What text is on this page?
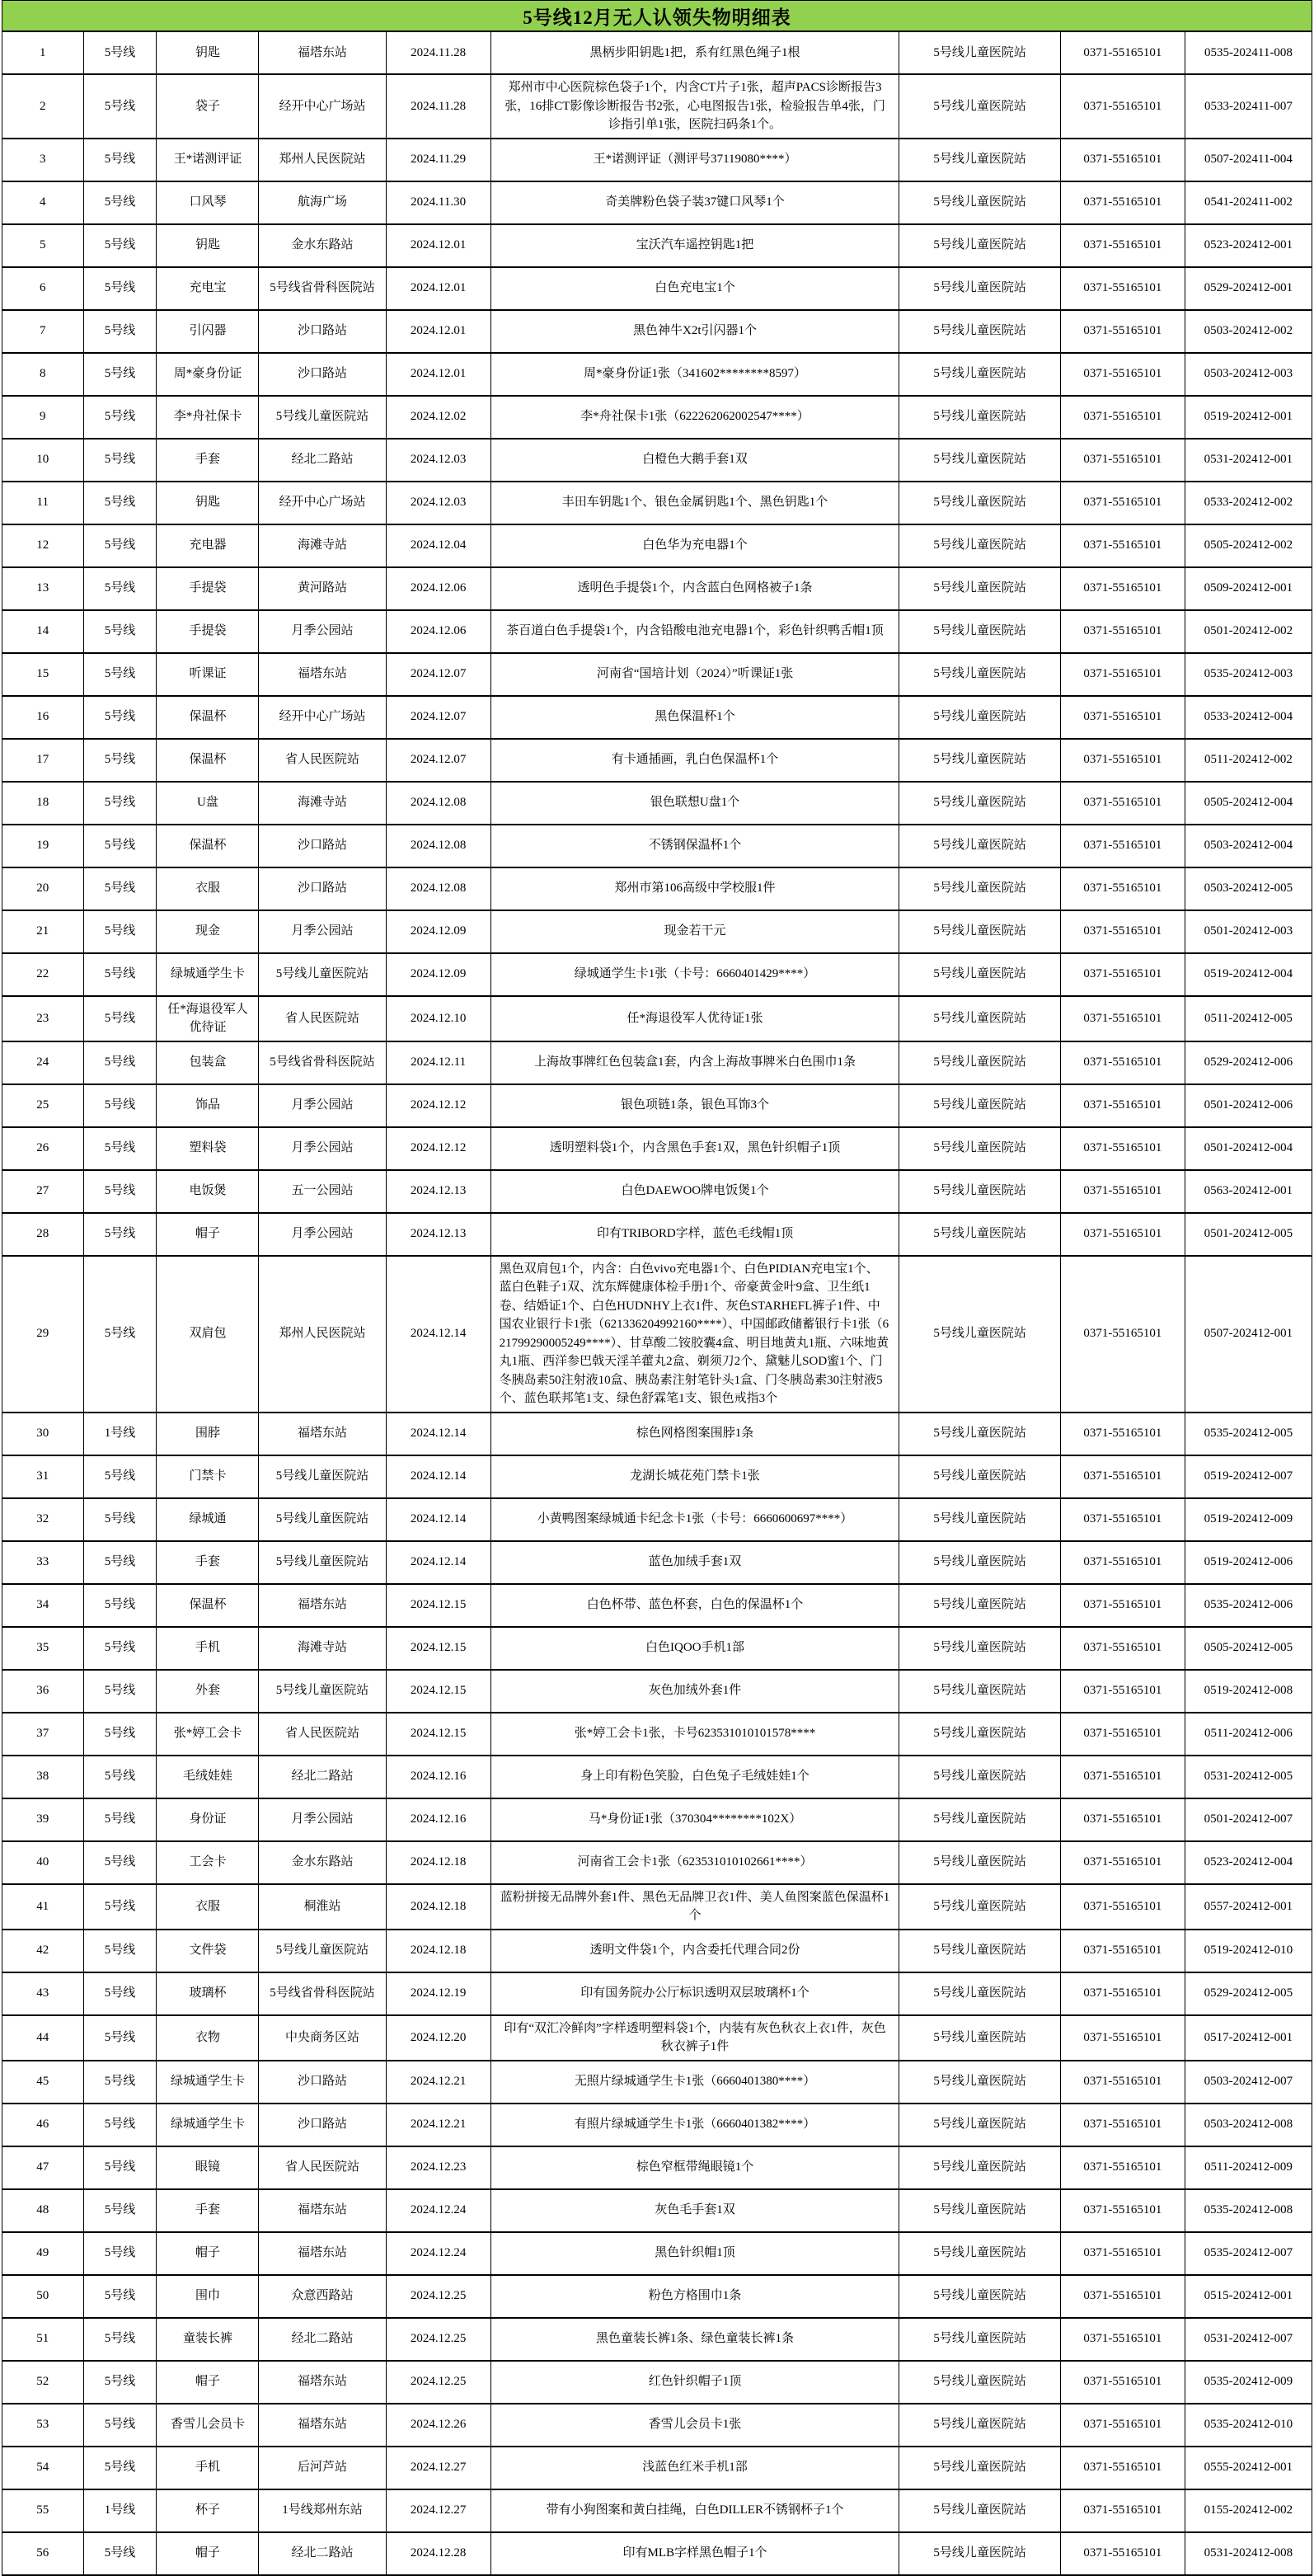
5号线12月无人认领失物明细表
1	5号线	钥匙	福塔东站	2024.11.28	黑柄步阳钥匙1把，系有红黑色绳子1根	5号线儿童医院站	0371-55165101	0535-202411-008
2	5号线	袋子	经开中心广场站	2024.11.28	郑州市中心医院棕色袋子1个，内含CT片子1张，超声PACS诊断报告3张，16排CT影像诊断报告书2张，心电图报告1张，检验报告单4张，门诊指引单1张，医院扫码条1个。	5号线儿童医院站	0371-55165101	0533-202411-007
3	5号线	王*诺测评证	郑州人民医院站	2024.11.29	王*诺测评证（测评号37119080****）	5号线儿童医院站	0371-55165101	0507-202411-004
4	5号线	口风琴	航海广场	2024.11.30	奇美牌粉色袋子装37键口风琴1个	5号线儿童医院站	0371-55165101	0541-202411-002
5	5号线	钥匙	金水东路站	2024.12.01	宝沃汽车遥控钥匙1把	5号线儿童医院站	0371-55165101	0523-202412-001
6	5号线	充电宝	5号线省骨科医院站	2024.12.01	白色充电宝1个	5号线儿童医院站	0371-55165101	0529-202412-001
7	5号线	引闪器	沙口路站	2024.12.01	黑色神牛X2t引闪器1个	5号线儿童医院站	0371-55165101	0503-202412-002
8	5号线	周*豪身份证	沙口路站	2024.12.01	周*豪身份证1张（341602********8597）	5号线儿童医院站	0371-55165101	0503-202412-003
9	5号线	李*舟社保卡	5号线儿童医院站	2024.12.02	李*舟社保卡1张（622262062002547****）	5号线儿童医院站	0371-55165101	0519-202412-001
10	5号线	手套	经北二路站	2024.12.03	白橙色大鹅手套1双	5号线儿童医院站	0371-55165101	0531-202412-001
11	5号线	钥匙	经开中心广场站	2024.12.03	丰田车钥匙1个、银色金属钥匙1个、黑色钥匙1个	5号线儿童医院站	0371-55165101	0533-202412-002
12	5号线	充电器	海滩寺站	2024.12.04	白色华为充电器1个	5号线儿童医院站	0371-55165101	0505-202412-002
13	5号线	手提袋	黄河路站	2024.12.06	透明色手提袋1个，内含蓝白色网格被子1条	5号线儿童医院站	0371-55165101	0509-202412-001
14	5号线	手提袋	月季公园站	2024.12.06	茶百道白色手提袋1个，内含铅酸电池充电器1个，彩色针织鸭舌帽1顶	5号线儿童医院站	0371-55165101	0501-202412-002
15	5号线	听课证	福塔东站	2024.12.07	河南省“国培计划（2024）”听课证1张	5号线儿童医院站	0371-55165101	0535-202412-003
16	5号线	保温杯	经开中心广场站	2024.12.07	黑色保温杯1个	5号线儿童医院站	0371-55165101	0533-202412-004
17	5号线	保温杯	省人民医院站	2024.12.07	有卡通插画，乳白色保温杯1个	5号线儿童医院站	0371-55165101	0511-202412-002
18	5号线	U盘	海滩寺站	2024.12.08	银色联想U盘1个	5号线儿童医院站	0371-55165101	0505-202412-004
19	5号线	保温杯	沙口路站	2024.12.08	不锈钢保温杯1个	5号线儿童医院站	0371-55165101	0503-202412-004
20	5号线	衣服	沙口路站	2024.12.08	郑州市第106高级中学校服1件	5号线儿童医院站	0371-55165101	0503-202412-005
21	5号线	现金	月季公园站	2024.12.09	现金若干元	5号线儿童医院站	0371-55165101	0501-202412-003
22	5号线	绿城通学生卡	5号线儿童医院站	2024.12.09	绿城通学生卡1张（卡号：6660401429****）	5号线儿童医院站	0371-55165101	0519-202412-004
23	5号线	任*海退役军人优待证	省人民医院站	2024.12.10	任*海退役军人优待证1张	5号线儿童医院站	0371-55165101	0511-202412-005
24	5号线	包装盒	5号线省骨科医院站	2024.12.11	上海故事牌红色包装盒1套，内含上海故事牌米白色围巾1条	5号线儿童医院站	0371-55165101	0529-202412-006
25	5号线	饰品	月季公园站	2024.12.12	银色项链1条，银色耳饰3个	5号线儿童医院站	0371-55165101	0501-202412-006
26	5号线	塑料袋	月季公园站	2024.12.12	透明塑料袋1个，内含黑色手套1双，黑色针织帽子1顶	5号线儿童医院站	0371-55165101	0501-202412-004
27	5号线	电饭煲	五一公园站	2024.12.13	白色DAEWOO牌电饭煲1个	5号线儿童医院站	0371-55165101	0563-202412-001
28	5号线	帽子	月季公园站	2024.12.13	印有TRIBORD字样，蓝色毛线帽1顶	5号线儿童医院站	0371-55165101	0501-202412-005
29	5号线	双肩包	郑州人民医院站	2024.12.14	黑色双肩包1个，内含：白色vivo充电器1个、白色PIDIAN充电宝1个、蓝白色鞋子1双、沈东辉健康体检手册1个、帝豪黄金叶9盒、卫生纸1卷、结婚证1个、白色HUDNHY上衣1件、灰色STARHEFL裤子1件、中国农业银行卡1张（621336204992160****）、中国邮政储蓄银行卡1张（621799290005249****）、甘草酸二铵胶囊4盒、明目地黄丸1瓶、六味地黄丸1瓶、西洋参巴戟天淫羊藿丸2盒、剃须刀2个、黛魅儿SOD蜜1个、门冬胰岛素50注射液10盒、胰岛素注射笔针头1盒、门冬胰岛素30注射液5个、蓝色联邦笔1支、绿色舒霖笔1支、银色戒指3个	5号线儿童医院站	0371-55165101	0507-202412-001
30	1号线	围脖	福塔东站	2024.12.14	棕色网格图案围脖1条	5号线儿童医院站	0371-55165101	0535-202412-005
31	5号线	门禁卡	5号线儿童医院站	2024.12.14	龙湖长城花苑门禁卡1张	5号线儿童医院站	0371-55165101	0519-202412-007
32	5号线	绿城通	5号线儿童医院站	2024.12.14	小黄鸭图案绿城通卡纪念卡1张（卡号：6660600697****）	5号线儿童医院站	0371-55165101	0519-202412-009
33	5号线	手套	5号线儿童医院站	2024.12.14	蓝色加绒手套1双	5号线儿童医院站	0371-55165101	0519-202412-006
34	5号线	保温杯	福塔东站	2024.12.15	白色杯带、蓝色杯套，白色的保温杯1个	5号线儿童医院站	0371-55165101	0535-202412-006
35	5号线	手机	海滩寺站	2024.12.15	白色IQOO手机1部	5号线儿童医院站	0371-55165101	0505-202412-005
36	5号线	外套	5号线儿童医院站	2024.12.15	灰色加绒外套1件	5号线儿童医院站	0371-55165101	0519-202412-008
37	5号线	张*婷工会卡	省人民医院站	2024.12.15	张*婷工会卡1张，卡号623531010101578****	5号线儿童医院站	0371-55165101	0511-202412-006
38	5号线	毛绒娃娃	经北二路站	2024.12.16	身上印有粉色笑脸，白色兔子毛绒娃娃1个	5号线儿童医院站	0371-55165101	0531-202412-005
39	5号线	身份证	月季公园站	2024.12.16	马*身份证1张（370304********102X）	5号线儿童医院站	0371-55165101	0501-202412-007
40	5号线	工会卡	金水东路站	2024.12.18	河南省工会卡1张（623531010102661****）	5号线儿童医院站	0371-55165101	0523-202412-004
41	5号线	衣服	桐淮站	2024.12.18	蓝粉拼接无品牌外套1件、黑色无品牌卫衣1件、美人鱼图案蓝色保温杯1个	5号线儿童医院站	0371-55165101	0557-202412-001
42	5号线	文件袋	5号线儿童医院站	2024.12.18	透明文件袋1个，内含委托代理合同2份	5号线儿童医院站	0371-55165101	0519-202412-010
43	5号线	玻璃杯	5号线省骨科医院站	2024.12.19	印有国务院办公厅标识透明双层玻璃杯1个	5号线儿童医院站	0371-55165101	0529-202412-005
44	5号线	衣物	中央商务区站	2024.12.20	印有“双汇冷鲜肉”字样透明塑料袋1个，内装有灰色秋衣上衣1件，灰色秋衣裤子1件	5号线儿童医院站	0371-55165101	0517-202412-001
45	5号线	绿城通学生卡	沙口路站	2024.12.21	无照片绿城通学生卡1张（6660401380****）	5号线儿童医院站	0371-55165101	0503-202412-007
46	5号线	绿城通学生卡	沙口路站	2024.12.21	有照片绿城通学生卡1张（6660401382****）	5号线儿童医院站	0371-55165101	0503-202412-008
47	5号线	眼镜	省人民医院站	2024.12.23	棕色窄框带绳眼镜1个	5号线儿童医院站	0371-55165101	0511-202412-009
48	5号线	手套	福塔东站	2024.12.24	灰色毛手套1双	5号线儿童医院站	0371-55165101	0535-202412-008
49	5号线	帽子	福塔东站	2024.12.24	黑色针织帽1顶	5号线儿童医院站	0371-55165101	0535-202412-007
50	5号线	围巾	众意西路站	2024.12.25	粉色方格围巾1条	5号线儿童医院站	0371-55165101	0515-202412-001
51	5号线	童装长裤	经北二路站	2024.12.25	黑色童装长裤1条、绿色童装长裤1条	5号线儿童医院站	0371-55165101	0531-202412-007
52	5号线	帽子	福塔东站	2024.12.25	红色针织帽子1顶	5号线儿童医院站	0371-55165101	0535-202412-009
53	5号线	香雪儿会员卡	福塔东站	2024.12.26	香雪儿会员卡1张	5号线儿童医院站	0371-55165101	0535-202412-010
54	5号线	手机	后河芦站	2024.12.27	浅蓝色红米手机1部	5号线儿童医院站	0371-55165101	0555-202412-001
55	1号线	杯子	1号线郑州东站	2024.12.27	带有小狗图案和黄白挂绳，白色DILLER不锈钢杯子1个	5号线儿童医院站	0371-55165101	0155-202412-002
56	5号线	帽子	经北二路站	2024.12.28	印有MLB字样黑色帽子1个	5号线儿童医院站	0371-55165101	0531-202412-008
